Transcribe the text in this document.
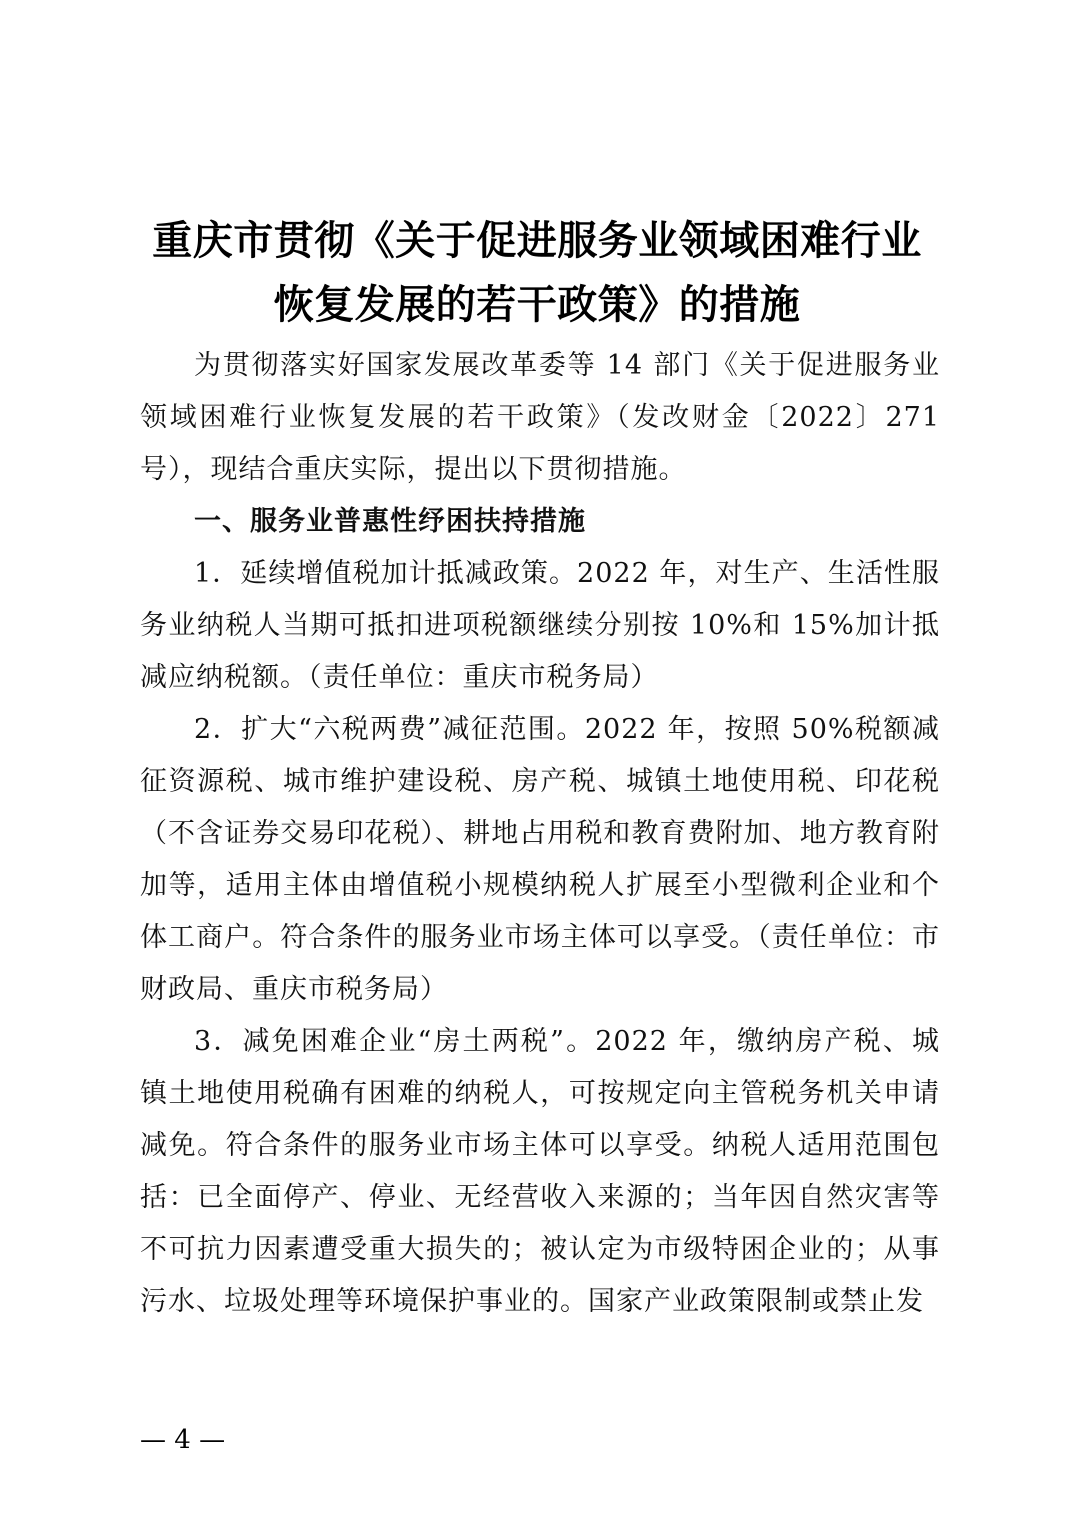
重庆市贯彻《关于促进服务业领域困难行业
恢复发展的若干政策》的措施

为贯彻落实好国家发展改革委等 14 部门《关于促进服务业领域困难行业恢复发展的若干政策》（发改财金〔2022〕271 号），现结合重庆实际，提出以下贯彻措施。

一、服务业普惠性纾困扶持措施

1．延续增值税加计抵减政策。2022 年，对生产、生活性服务业纳税人当期可抵扣进项税额继续分别按 10%和 15%加计抵减应纳税额。（责任单位：重庆市税务局）

2．扩大“六税两费”减征范围。2022 年，按照 50%税额减征资源税、城市维护建设税、房产税、城镇土地使用税、印花税（不含证券交易印花税）、耕地占用税和教育费附加、地方教育附加等，适用主体由增值税小规模纳税人扩展至小型微利企业和个体工商户。符合条件的服务业市场主体可以享受。（责任单位：市财政局、重庆市税务局）

3．减免困难企业“房土两税”。2022 年，缴纳房产税、城镇土地使用税确有困难的纳税人，可按规定向主管税务机关申请减免。符合条件的服务业市场主体可以享受。纳税人适用范围包括：已全面停产、停业、无经营收入来源的；当年因自然灾害等不可抗力因素遭受重大损失的；被认定为市级特困企业的；从事污水、垃圾处理等环境保护事业的。国家产业政策限制或禁止发

— 4 —
